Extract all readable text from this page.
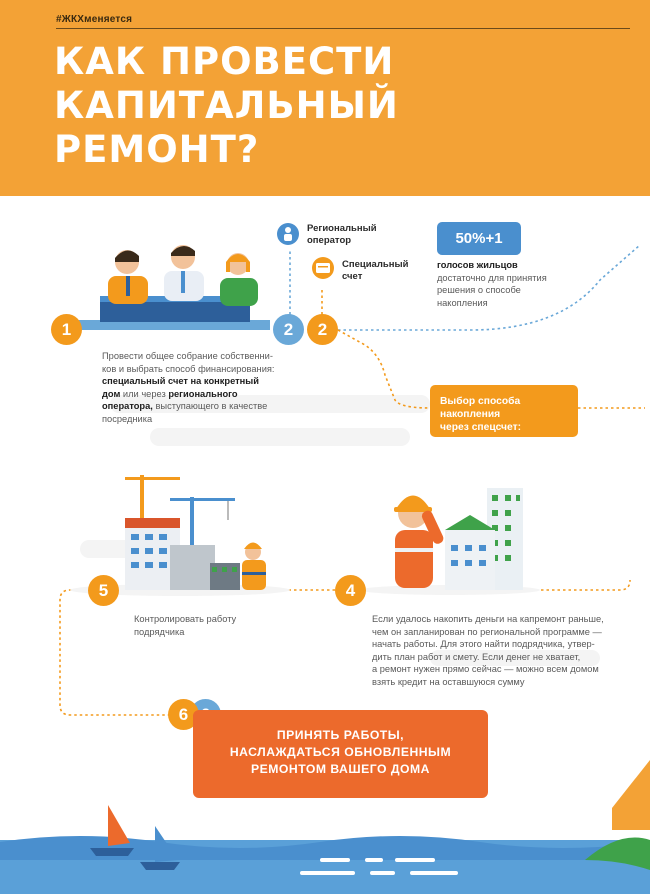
#ЖКХменяется
КАК ПРОВЕСТИ
КАПИТАЛЬНЫЙ
РЕМОНТ?
1
Провести общее собрание собственни-
ков и выбрать способ финансирования:
специальный счет на конкретный
дом или через регионального
оператора, выступающего в качестве
посредника
2	2
Региональный
оператор
Специальный
счет
50%+1
голосов жильцов
достаточно для принятия
решения о способе
накопления
Выбор способа
накопления
через спецсчет:
5
Контролировать работу
подрядчика
4
Если удалось накопить деньги на капремонт раньше,
чем он запланирован по региональной программе —
начать работы. Для этого найти подрядчика, утвер-
дить план работ и смету. Если денег не хватает,
а ремонт нужен прямо сейчас — можно всем домом
взять кредит на оставшуюся сумму
6
ПРИНЯТЬ РАБОТЫ,
НАСЛАЖДАТЬСЯ ОБНОВЛЕННЫМ
РЕМОНТОМ ВАШЕГО ДОМА
